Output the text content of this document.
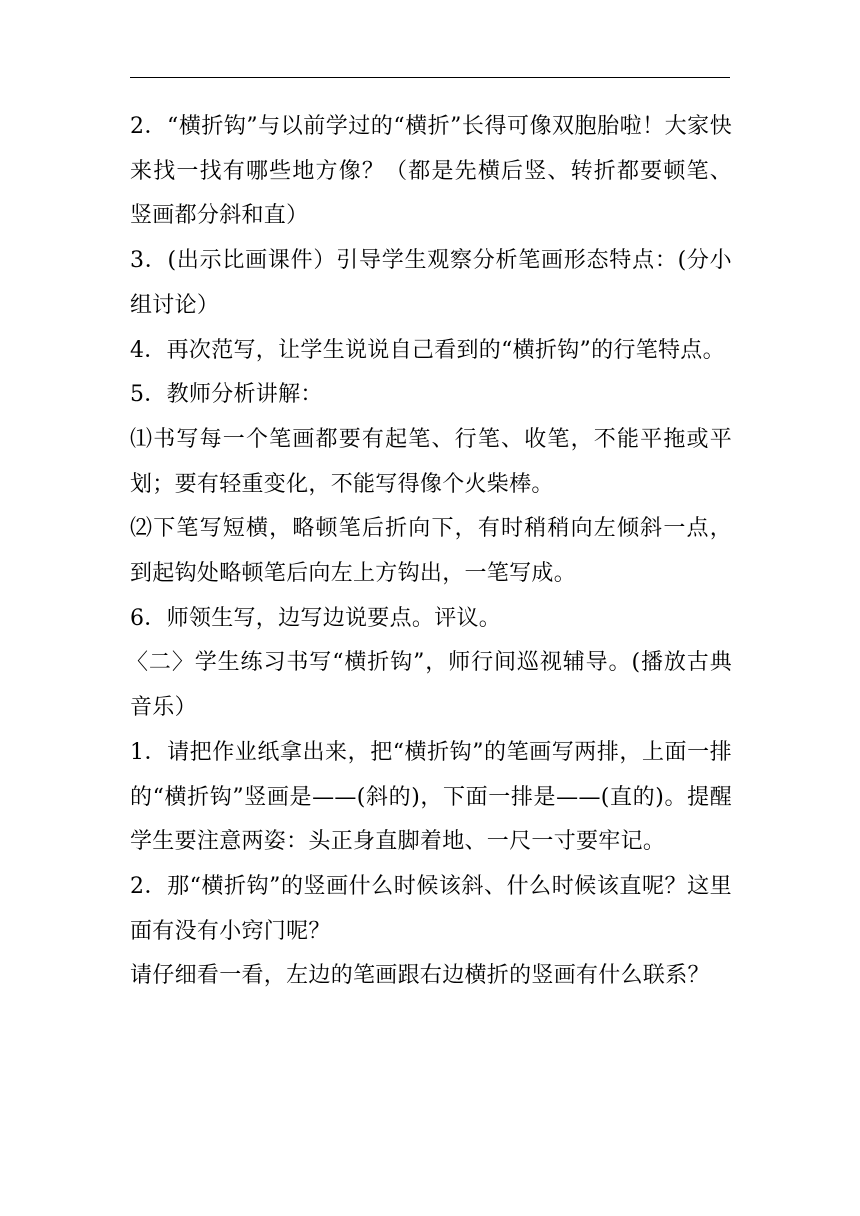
2．“横折钩”与以前学过的“横折”长得可像双胞胎啦！大家快来找一找有哪些地方像？（都是先横后竖、转折都要顿笔、竖画都分斜和直）

3．(出示比画课件）引导学生观察分析笔画形态特点：(分小组讨论）

4．再次范写，让学生说说自己看到的“横折钩”的行笔特点。

5．教师分析讲解：

⑴书写每一个笔画都要有起笔、行笔、收笔，不能平拖或平划；要有轻重变化，不能写得像个火柴棒。

⑵下笔写短横，略顿笔后折向下，有时稍稍向左倾斜一点，到起钩处略顿笔后向左上方钩出，一笔写成。

6．师领生写，边写边说要点。评议。

〈二〉学生练习书写“横折钩”，师行间巡视辅导。(播放古典音乐）

1．请把作业纸拿出来，把“横折钩”的笔画写两排，上面一排的“横折钩”竖画是——(斜的)，下面一排是——(直的)。提醒学生要注意两姿：头正身直脚着地、一尺一寸要牢记。

2．那“横折钩”的竖画什么时候该斜、什么时候该直呢？这里面有没有小窍门呢？

请仔细看一看，左边的笔画跟右边横折的竖画有什么联系？
